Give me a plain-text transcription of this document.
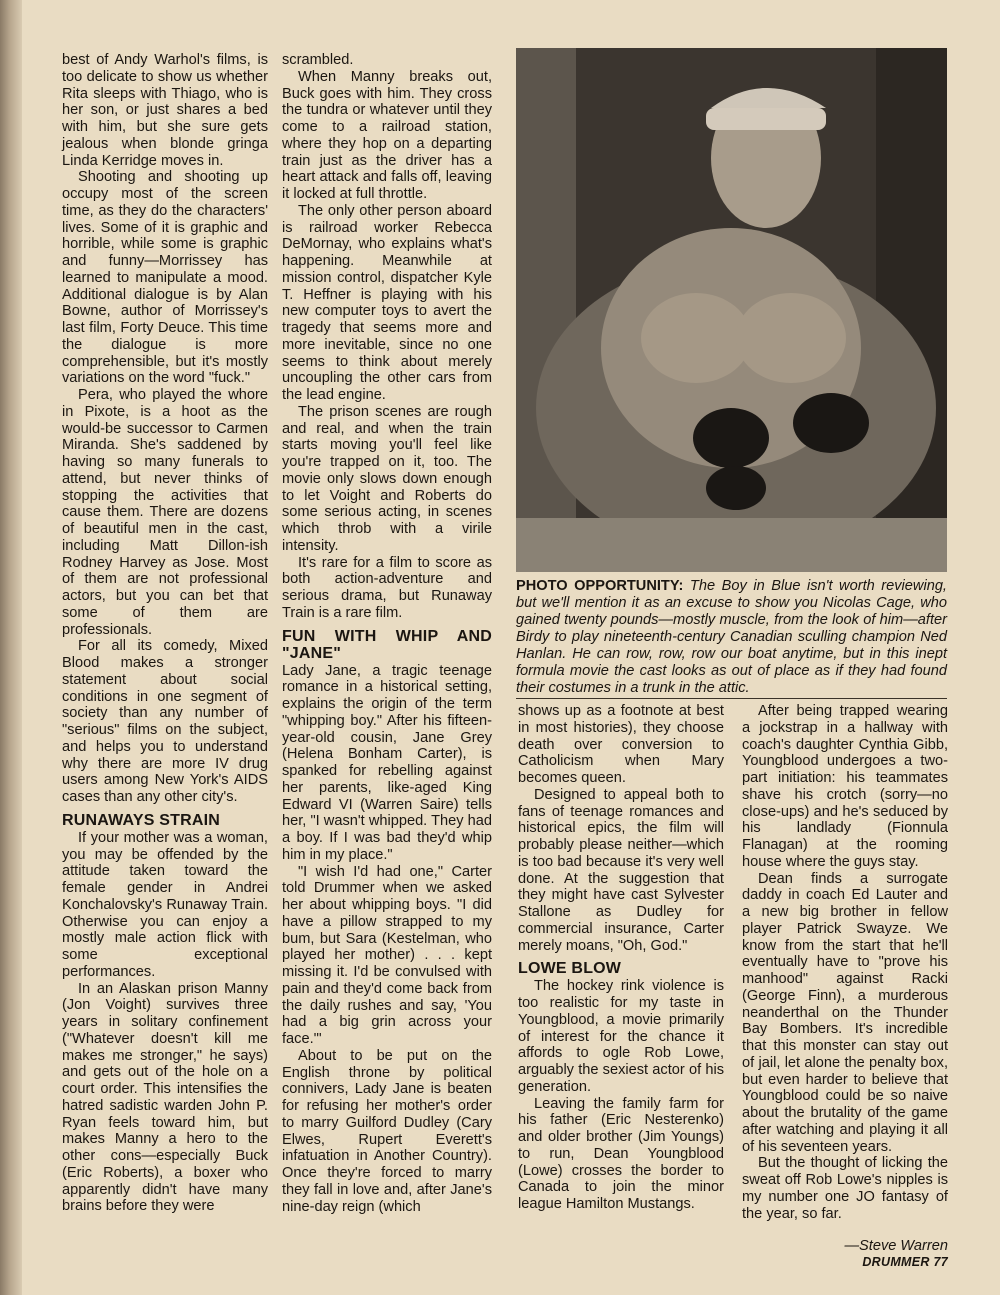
best of Andy Warhol's films, is too delicate to show us whether Rita sleeps with Thiago, who is her son, or just shares a bed with him, but she sure gets jealous when blonde gringa Linda Kerridge moves in.

Shooting and shooting up occupy most of the screen time, as they do the characters' lives. Some of it is graphic and horrible, while some is graphic and funny—Morrissey has learned to manipulate a mood. Additional dialogue is by Alan Bowne, author of Morrissey's last film, Forty Deuce. This time the dialogue is more comprehensible, but it's mostly variations on the word "fuck."

Pera, who played the whore in Pixote, is a hoot as the would-be successor to Carmen Miranda. She's saddened by having so many funerals to attend, but never thinks of stopping the activities that cause them. There are dozens of beautiful men in the cast, including Matt Dillon-ish Rodney Harvey as Jose. Most of them are not professional actors, but you can bet that some of them are professionals.

For all its comedy, Mixed Blood makes a stronger statement about social conditions in one segment of society than any number of "serious" films on the subject, and helps you to understand why there are more IV drug users among New York's AIDS cases than any other city's.

RUNAWAYS STRAIN

If your mother was a woman, you may be offended by the attitude taken toward the female gender in Andrei Konchalovsky's Runaway Train. Otherwise you can enjoy a mostly male action flick with some exceptional performances.

In an Alaskan prison Manny (Jon Voight) survives three years in solitary confinement ("Whatever doesn't kill me makes me stronger," he says) and gets out of the hole on a court order. This intensifies the hatred sadistic warden John P. Ryan feels toward him, but makes Manny a hero to the other cons—especially Buck (Eric Roberts), a boxer who apparently didn't have many brains before they were

scrambled.

When Manny breaks out, Buck goes with him. They cross the tundra or whatever until they come to a railroad station, where they hop on a departing train just as the driver has a heart attack and falls off, leaving it locked at full throttle.

The only other person aboard is railroad worker Rebecca DeMornay, who explains what's happening. Meanwhile at mission control, dispatcher Kyle T. Heffner is playing with his new computer toys to avert the tragedy that seems more and more inevitable, since no one seems to think about merely uncoupling the other cars from the lead engine.

The prison scenes are rough and real, and when the train starts moving you'll feel like you're trapped on it, too. The movie only slows down enough to let Voight and Roberts do some serious acting, in scenes which throb with a virile intensity.

It's rare for a film to score as both action-adventure and serious drama, but Runaway Train is a rare film.

FUN WITH WHIP AND "JANE"

Lady Jane, a tragic teenage romance in a historical setting, explains the origin of the term "whipping boy." After his fifteen-year-old cousin, Jane Grey (Helena Bonham Carter), is spanked for rebelling against her parents, like-aged King Edward VI (Warren Saire) tells her, "I wasn't whipped. They had a boy. If I was bad they'd whip him in my place."

"I wish I'd had one," Carter told Drummer when we asked her about whipping boys. "I did have a pillow strapped to my bum, but Sara (Kestelman, who played her mother) . . . kept missing it. I'd be convulsed with pain and they'd come back from the daily rushes and say, 'You had a big grin across your face.'"

About to be put on the English throne by political connivers, Lady Jane is beaten for refusing her mother's order to marry Guilford Dudley (Cary Elwes, Rupert Everett's infatuation in Another Country). Once they're forced to marry they fall in love and, after Jane's nine-day reign (which

PHOTO OPPORTUNITY: The Boy in Blue isn't worth reviewing, but we'll mention it as an excuse to show you Nicolas Cage, who gained twenty pounds—mostly muscle, from the look of him—after Birdy to play nineteenth-century Canadian sculling champion Ned Hanlan. He can row, row, row our boat anytime, but in this inept formula movie the cast looks as out of place as if they had found their costumes in a trunk in the attic.

shows up as a footnote at best in most histories), they choose death over conversion to Catholicism when Mary becomes queen.

Designed to appeal both to fans of teenage romances and historical epics, the film will probably please neither—which is too bad because it's very well done. At the suggestion that they might have cast Sylvester Stallone as Dudley for commercial insurance, Carter merely moans, "Oh, God."

LOWE BLOW

The hockey rink violence is too realistic for my taste in Youngblood, a movie primarily of interest for the chance it affords to ogle Rob Lowe, arguably the sexiest actor of his generation.

Leaving the family farm for his father (Eric Nesterenko) and older brother (Jim Youngs) to run, Dean Youngblood (Lowe) crosses the border to Canada to join the minor league Hamilton Mustangs.

After being trapped wearing a jockstrap in a hallway with coach's daughter Cynthia Gibb, Youngblood undergoes a two-part initiation: his teammates shave his crotch (sorry—no close-ups) and he's seduced by his landlady (Fionnula Flanagan) at the rooming house where the guys stay.

Dean finds a surrogate daddy in coach Ed Lauter and a new big brother in fellow player Patrick Swayze. We know from the start that he'll eventually have to "prove his manhood" against Racki (George Finn), a murderous neanderthal on the Thunder Bay Bombers. It's incredible that this monster can stay out of jail, let alone the penalty box, but even harder to believe that Youngblood could be so naive about the brutality of the game after watching and playing it all of his seventeen years.

But the thought of licking the sweat off Rob Lowe's nipples is my number one JO fantasy of the year, so far.

—Steve Warren
DRUMMER 77
